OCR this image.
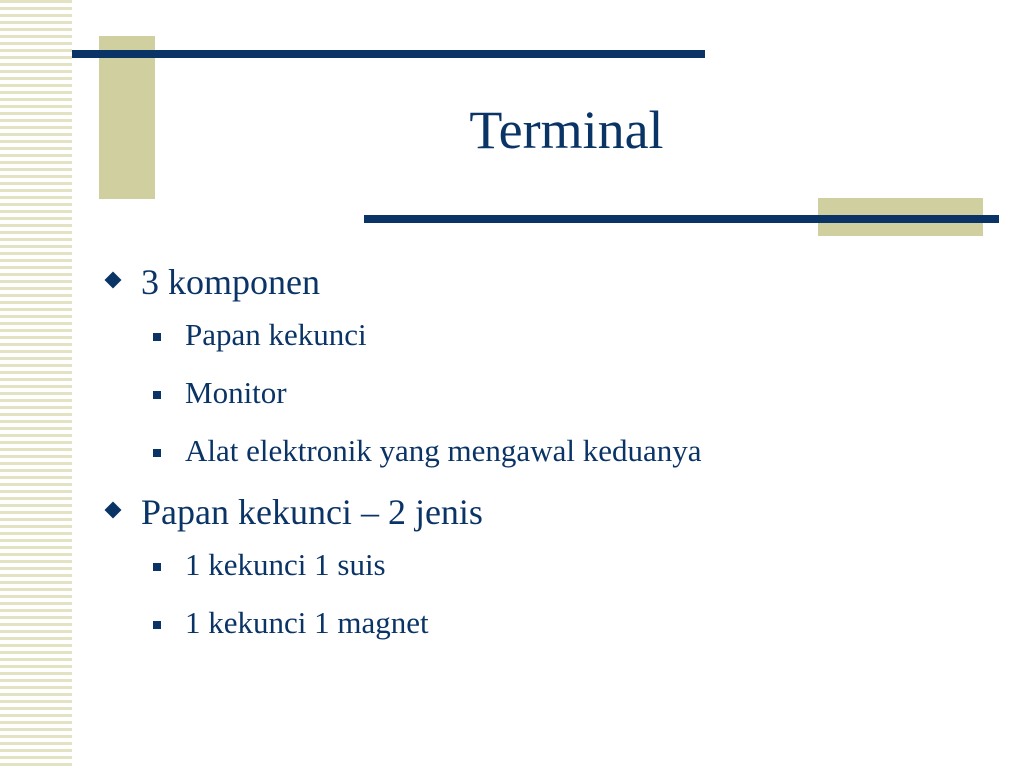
Terminal

3 komponen

Papan kekunci

Monitor

Alat elektronik yang mengawal keduanya

Papan kekunci – 2 jenis

1 kekunci 1 suis

1 kekunci 1 magnet
